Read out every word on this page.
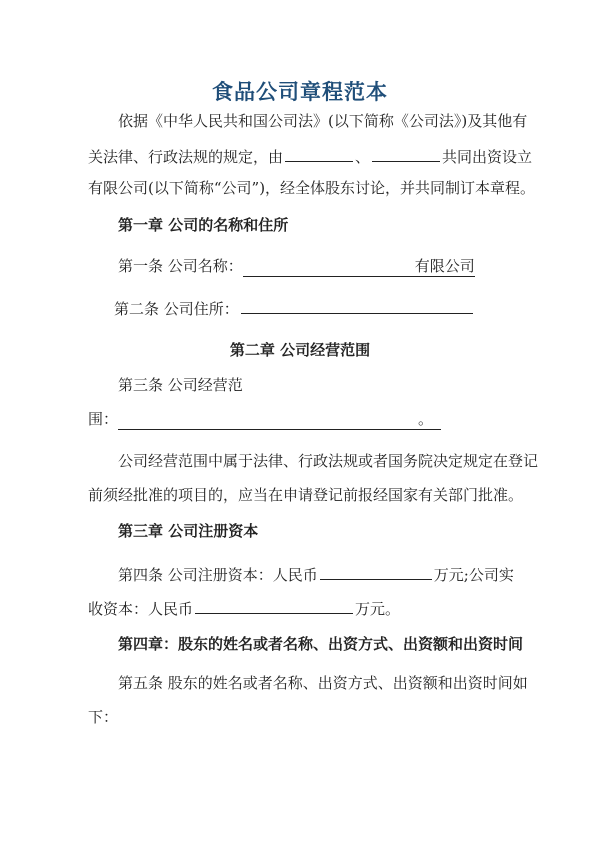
食品公司章程范本
依据《中华人民共和国公司法》(以下简称《公司法》)及其他有
关法律、行政法规的规定，由	、	共同出资设立
有限公司(以下简称“公司”)，经全体股东讨论，并共同制订本章程。
第一章 公司的名称和住所
第一条 公司名称：	有限公司
第二条 公司住所：
第二章 公司经营范围
第三条 公司经营范
围：	。
公司经营范围中属于法律、行政法规或者国务院决定规定在登记
前须经批准的项目的，应当在申请登记前报经国家有关部门批准。
第三章 公司注册资本
第四条 公司注册资本：人民币	万元;公司实
收资本：人民币	万元。
第四章：股东的姓名或者名称、出资方式、出资额和出资时间
第五条 股东的姓名或者名称、出资方式、出资额和出资时间如
下：
